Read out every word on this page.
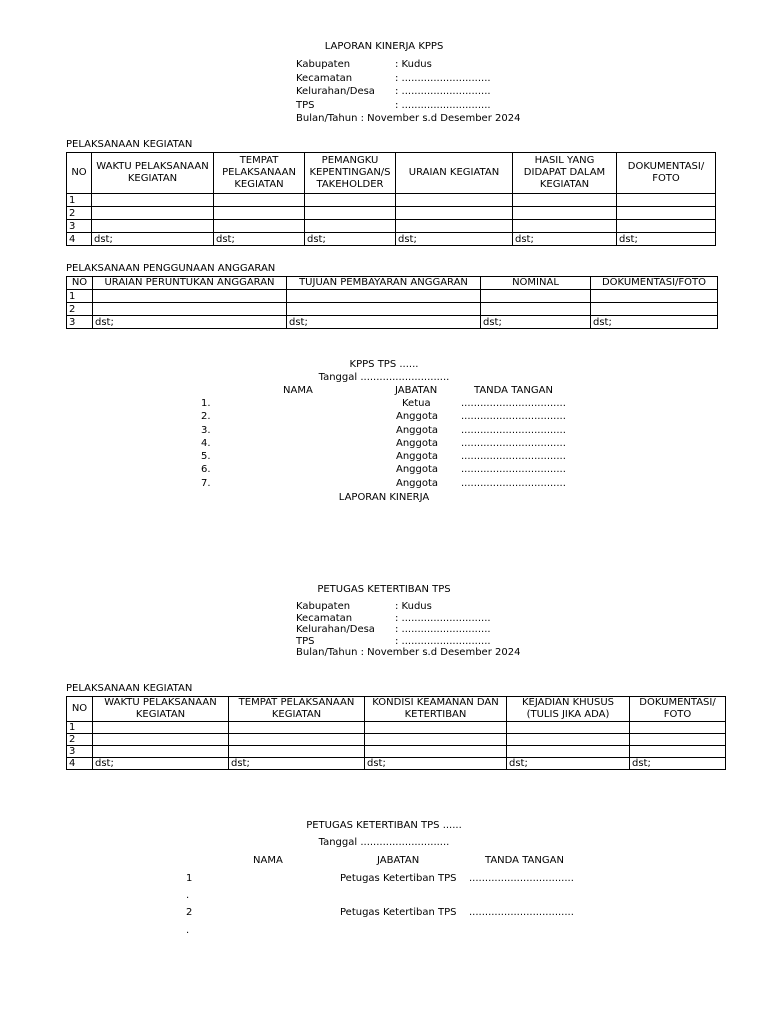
LAPORAN KINERJA KPPS
Kabupaten	: Kudus
Kecamatan	: ............................
Kelurahan/Desa	: ............................
TPS	: ............................
Bulan/Tahun : November s.d Desember 2024
PELAKSANAAN KEGIATAN
NO	WAKTU PELAKSANAAN KEGIATAN	TEMPAT PELAKSANAAN KEGIATAN	PEMANGKU KEPENTINGAN/S TAKEHOLDER	URAIAN KEGIATAN	HASIL YANG DIDAPAT DALAM KEGIATAN	DOKUMENTASI/ FOTO
1						
2						
3						
4	dst;	dst;	dst;	dst;	dst;	dst;
PELAKSANAAN PENGGUNAAN ANGGARAN
NO	URAIAN PERUNTUKAN ANGGARAN	TUJUAN PEMBAYARAN ANGGARAN	NOMINAL	DOKUMENTASI/FOTO
1				
2				
3	dst;	dst;	dst;	dst;
KPPS TPS ......
Tanggal ............................
NAMA	JABATAN	TANDA TANGAN
1.	Ketua	.................................
2.	Anggota .................................
3.	Anggota .................................
4.	Anggota .................................
5.	Anggota .................................
6.	Anggota .................................
7.	Anggota .................................
LAPORAN KINERJA
PETUGAS KETERTIBAN TPS
Kabupaten	: Kudus
Kecamatan	: ............................
Kelurahan/Desa	: ............................
TPS	: ............................
Bulan/Tahun : November s.d Desember 2024
PELAKSANAAN KEGIATAN
NO	WAKTU PELAKSANAAN KEGIATAN	TEMPAT PELAKSANAAN KEGIATAN	KONDISI KEAMANAN DAN KETERTIBAN	KEJADIAN KHUSUS (TULIS JIKA ADA)	DOKUMENTASI/ FOTO
1					
2					
3					
4	dst;	dst;	dst;	dst;	dst;
PETUGAS KETERTIBAN TPS ......
Tanggal ............................
NAMA	JABATAN	TANDA TANGAN
1	Petugas Ketertiban TPS .................................
.
2	Petugas Ketertiban TPS .................................
.
